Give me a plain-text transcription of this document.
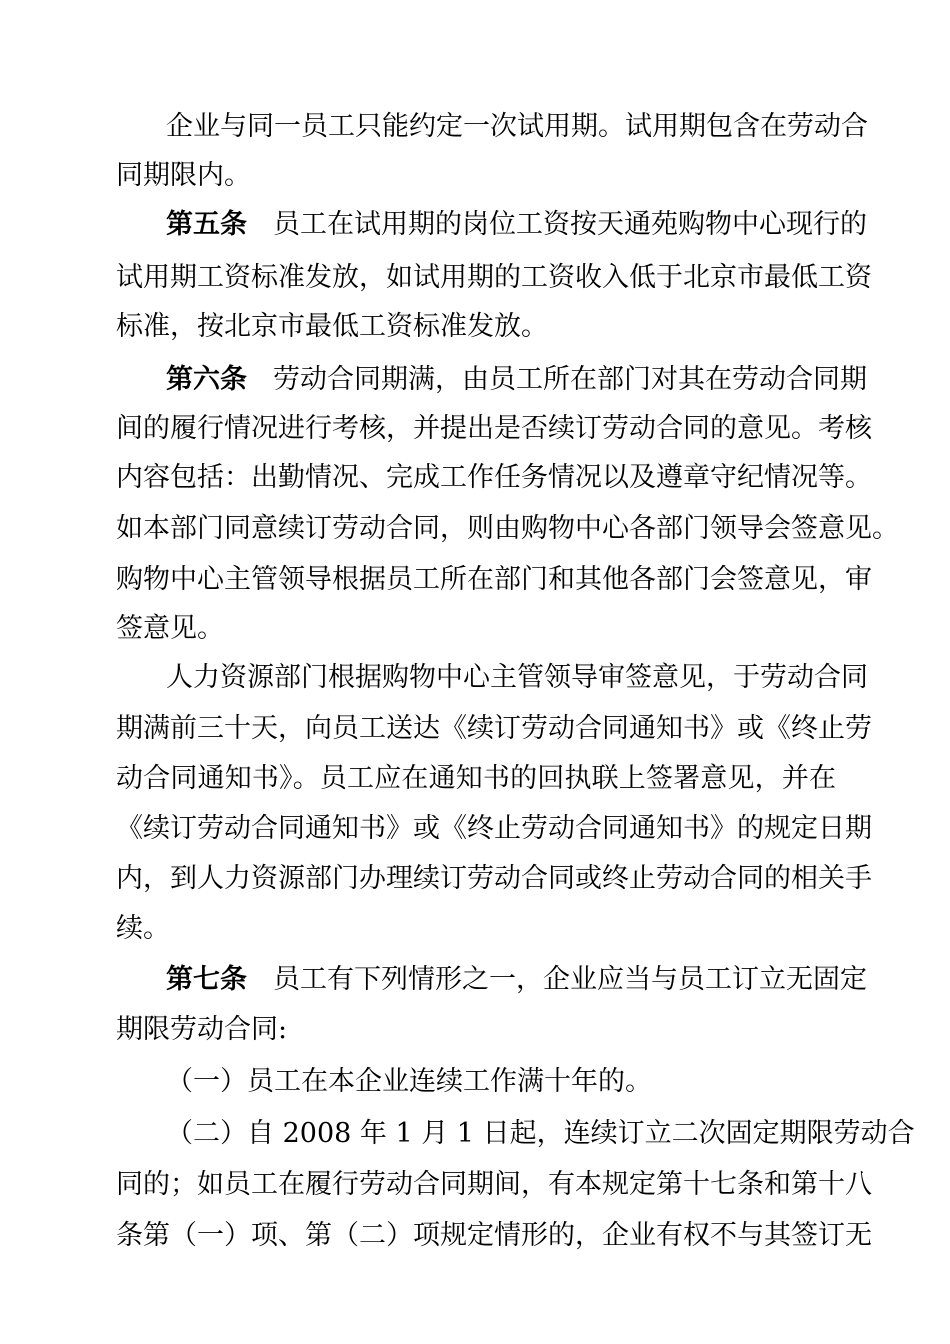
企业与同一员工只能约定一次试用期。试用期包含在劳动合
同期限内。
第五条 员工在试用期的岗位工资按天通苑购物中心现行的
试用期工资标准发放，如试用期的工资收入低于北京市最低工资
标准，按北京市最低工资标准发放。
第六条 劳动合同期满，由员工所在部门对其在劳动合同期
间的履行情况进行考核，并提出是否续订劳动合同的意见。考核
内容包括：出勤情况、完成工作任务情况以及遵章守纪情况等。
如本部门同意续订劳动合同，则由购物中心各部门领导会签意见。
购物中心主管领导根据员工所在部门和其他各部门会签意见，审
签意见。
人力资源部门根据购物中心主管领导审签意见，于劳动合同
期满前三十天，向员工送达《续订劳动合同通知书》或《终止劳
动合同通知书》。员工应在通知书的回执联上签署意见，并在
《续订劳动合同通知书》或《终止劳动合同通知书》的规定日期
内，到人力资源部门办理续订劳动合同或终止劳动合同的相关手
续。
第七条 员工有下列情形之一，企业应当与员工订立无固定
期限劳动合同:
（一）员工在本企业连续工作满十年的。
（二）自 2008 年 1 月 1 日起，连续订立二次固定期限劳动合
同的；如员工在履行劳动合同期间，有本规定第十七条和第十八
条第（一）项、第（二）项规定情形的，企业有权不与其签订无
